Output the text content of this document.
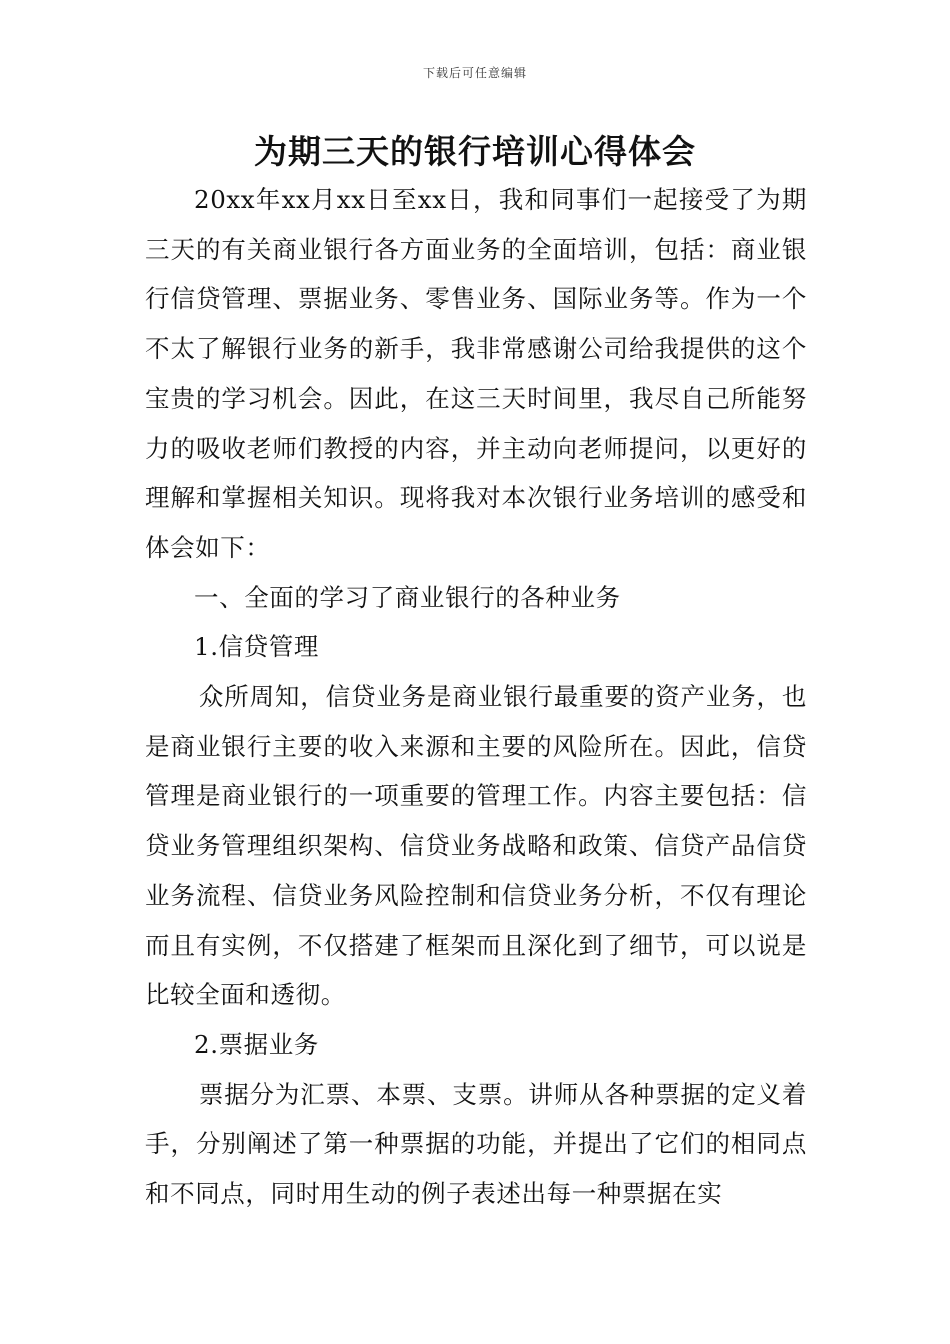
下载后可任意编辑
为期三天的银行培训心得体会

20xx年xx月xx日至xx日，我和同事们一起接受了为期三天的有关商业银行各方面业务的全面培训，包括：商业银行信贷管理、票据业务、零售业务、国际业务等。作为一个不太了解银行业务的新手，我非常感谢公司给我提供的这个宝贵的学习机会。因此，在这三天时间里，我尽自己所能努力的吸收老师们教授的内容，并主动向老师提问，以更好的理解和掌握相关知识。现将我对本次银行业务培训的感受和体会如下：

一、全面的学习了商业银行的各种业务

1.信贷管理

众所周知，信贷业务是商业银行最重要的资产业务，也是商业银行主要的收入来源和主要的风险所在。因此，信贷管理是商业银行的一项重要的管理工作。内容主要包括：信贷业务管理组织架构、信贷业务战略和政策、信贷产品信贷业务流程、信贷业务风险控制和信贷业务分析，不仅有理论而且有实例，不仅搭建了框架而且深化到了细节，可以说是比较全面和透彻。

2.票据业务

票据分为汇票、本票、支票。讲师从各种票据的定义着手，分别阐述了第一种票据的功能，并提出了它们的相同点和不同点，同时用生动的例子表述出每一种票据在实
